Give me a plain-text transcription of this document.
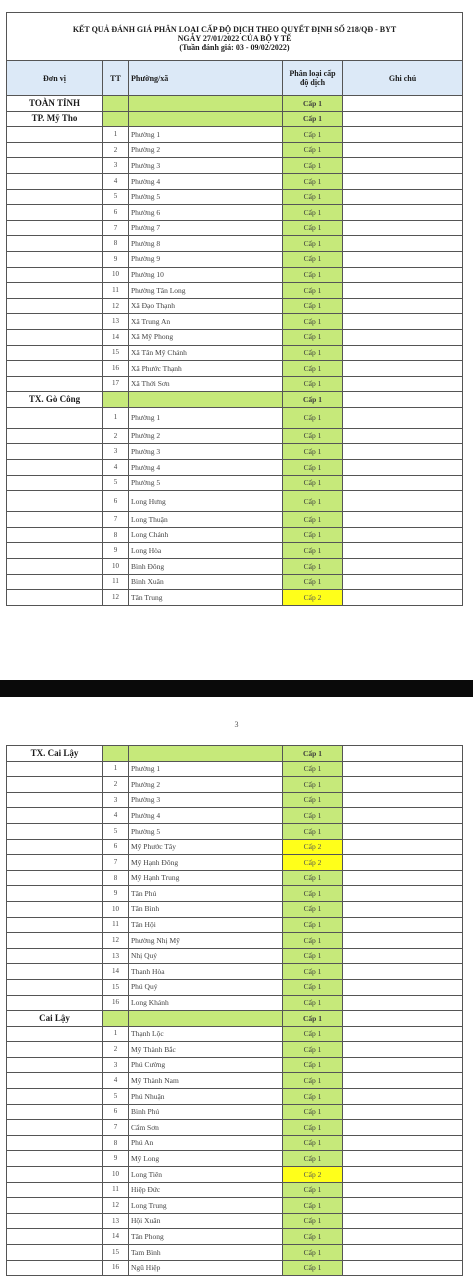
KẾT QUẢ ĐÁNH GIÁ PHÂN LOẠI CẤP ĐỘ DỊCH THEO QUYẾT ĐỊNH SỐ 218/QĐ - BYT
NGÀY 27/01/2022 CỦA BỘ Y TẾ
(Tuần đánh giá: 03 - 09/02/2022)				

Đơn vị	TT	Phường/xã	Phân loại cấp độ dịch	Ghi chú
TOÀN TỈNH			Cấp 1	
TP. Mỹ Tho			Cấp 1	
	1	Phường 1	Cấp 1	
	2	Phường 2	Cấp 1	
	3	Phường 3	Cấp 1	
	4	Phường 4	Cấp 1	
	5	Phường 5	Cấp 1	
	6	Phường 6	Cấp 1	
	7	Phường 7	Cấp 1	
	8	Phường 8	Cấp 1	
	9	Phường 9	Cấp 1	
	10	Phường 10	Cấp 1	
	11	Phường Tân Long	Cấp 1	
	12	Xã Đạo Thạnh	Cấp 1	
	13	Xã Trung An	Cấp 1	
	14	Xã Mỹ Phong	Cấp 1	
	15	Xã Tân Mỹ Chánh	Cấp 1	
	16	Xã Phước Thạnh	Cấp 1	
	17	Xã Thới Sơn	Cấp 1	
TX. Gò Công			Cấp 1	
	1	Phường 1	Cấp 1	
	2	Phường 2	Cấp 1	
	3	Phường 3	Cấp 1	
	4	Phường 4	Cấp 1	
	5	Phường 5	Cấp 1	
	6	Long Hưng	Cấp 1	
	7	Long Thuận	Cấp 1	
	8	Long Chánh	Cấp 1	
	9	Long Hòa	Cấp 1	
	10	Bình Đông	Cấp 1	
	11	Bình Xuân	Cấp 1	
	12	Tân Trung	Cấp 2	
TX. Cai Lậy			Cấp 1	
	1	Phường 1	Cấp 1	
	2	Phường 2	Cấp 1	
	3	Phường 3	Cấp 1	
	4	Phường 4	Cấp 1	
	5	Phường 5	Cấp 1	
	6	Mỹ Phước Tây	Cấp 2	
	7	Mỹ Hạnh Đông	Cấp 2	
	8	Mỹ Hạnh Trung	Cấp 1	
	9	Tân Phú	Cấp 1	
	10	Tân Bình	Cấp 1	
	11	Tân Hội	Cấp 1	
	12	Phường Nhị Mỹ	Cấp 1	
	13	Nhị Quý	Cấp 1	
	14	Thanh Hòa	Cấp 1	
	15	Phú Quý	Cấp 1	
	16	Long Khánh	Cấp 1	
Cai Lậy			Cấp 1	
	1	Thạnh Lộc	Cấp 1	
	2	Mỹ Thành Bắc	Cấp 1	
	3	Phú Cường	Cấp 1	
	4	Mỹ Thành Nam	Cấp 1	
	5	Phú Nhuận	Cấp 1	
	6	Bình Phú	Cấp 1	
	7	Cẩm Sơn	Cấp 1	
	8	Phú An	Cấp 1	
	9	Mỹ Long	Cấp 1	
	10	Long Tiên	Cấp 2	
	11	Hiệp Đức	Cấp 1	
	12	Long Trung	Cấp 1	
	13	Hội Xuân	Cấp 1	
	14	Tân Phong	Cấp 1	
	15	Tam Bình	Cấp 1	
	16	Ngũ Hiệp	Cấp 1	
3
